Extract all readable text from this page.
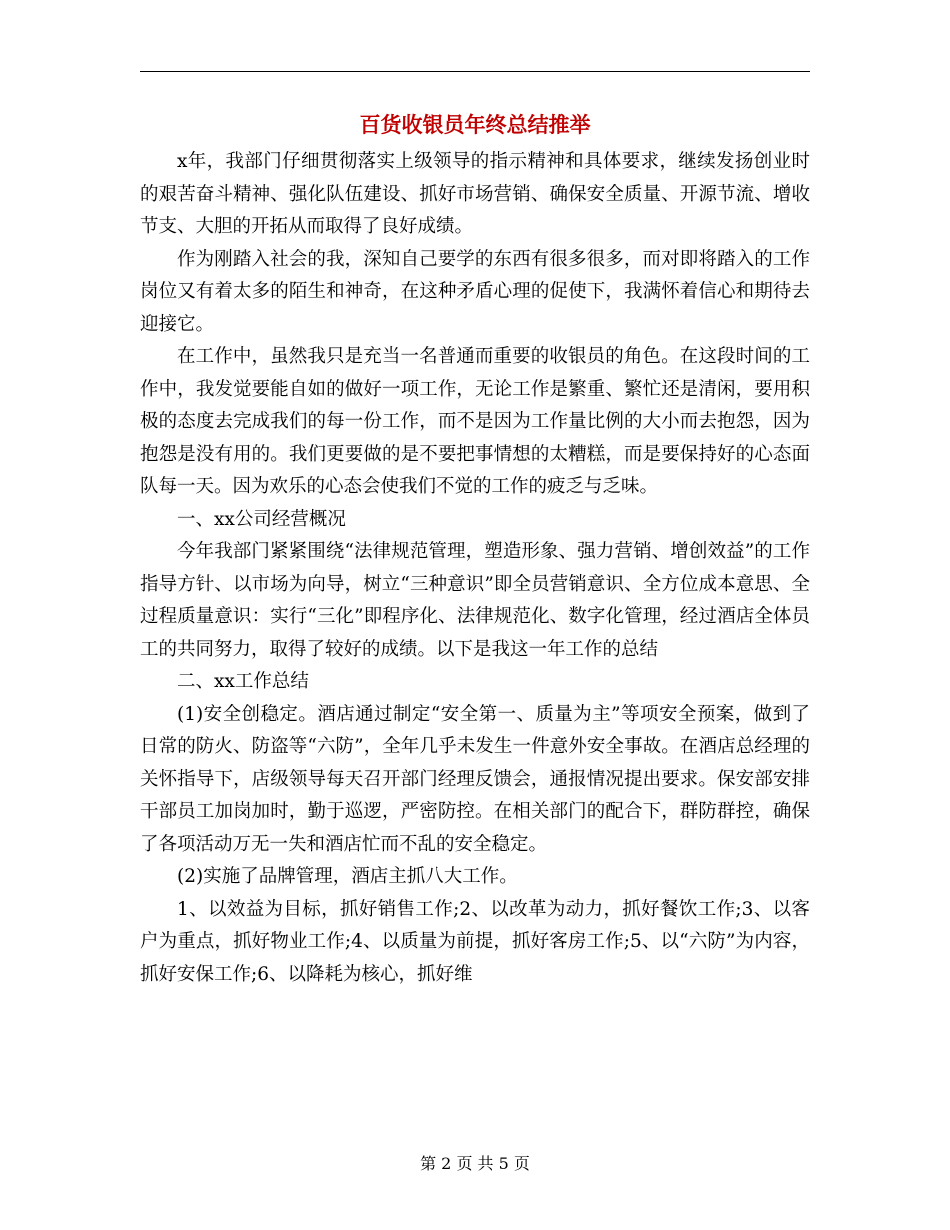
百货收银员年终总结推举

x年，我部门仔细贯彻落实上级领导的指示精神和具体要求，继续发扬创业时的艰苦奋斗精神、强化队伍建设、抓好市场营销、确保安全质量、开源节流、增收节支、大胆的开拓从而取得了良好成绩。

作为刚踏入社会的我，深知自己要学的东西有很多很多，而对即将踏入的工作岗位又有着太多的陌生和神奇，在这种矛盾心理的促使下，我满怀着信心和期待去迎接它。

在工作中，虽然我只是充当一名普通而重要的收银员的角色。在这段时间的工作中，我发觉要能自如的做好一项工作，无论工作是繁重、繁忙还是清闲，要用积极的态度去完成我们的每一份工作，而不是因为工作量比例的大小而去抱怨，因为抱怨是没有用的。我们更要做的是不要把事情想的太糟糕，而是要保持好的心态面队每一天。因为欢乐的心态会使我们不觉的工作的疲乏与乏味。

一、xx公司经营概况

今年我部门紧紧围绕“法律规范管理，塑造形象、强力营销、增创效益”的工作指导方针、以市场为向导，树立“三种意识”即全员营销意识、全方位成本意思、全过程质量意识：实行“三化”即程序化、法律规范化、数字化管理，经过酒店全体员工的共同努力，取得了较好的成绩。以下是我这一年工作的总结

二、xx工作总结

(1)安全创稳定。酒店通过制定“安全第一、质量为主”等项安全预案，做到了日常的防火、防盗等“六防”，全年几乎未发生一件意外安全事故。在酒店总经理的关怀指导下，店级领导每天召开部门经理反馈会，通报情况提出要求。保安部安排干部员工加岗加时，勤于巡逻，严密防控。在相关部门的配合下，群防群控，确保了各项活动万无一失和酒店忙而不乱的安全稳定。

(2)实施了品牌管理，酒店主抓八大工作。

1、以效益为目标，抓好销售工作;2、以改革为动力，抓好餐饮工作;3、以客户为重点，抓好物业工作;4、以质量为前提，抓好客房工作;5、以“六防”为内容，抓好安保工作;6、以降耗为核心，抓好维

第 2 页 共 5 页
